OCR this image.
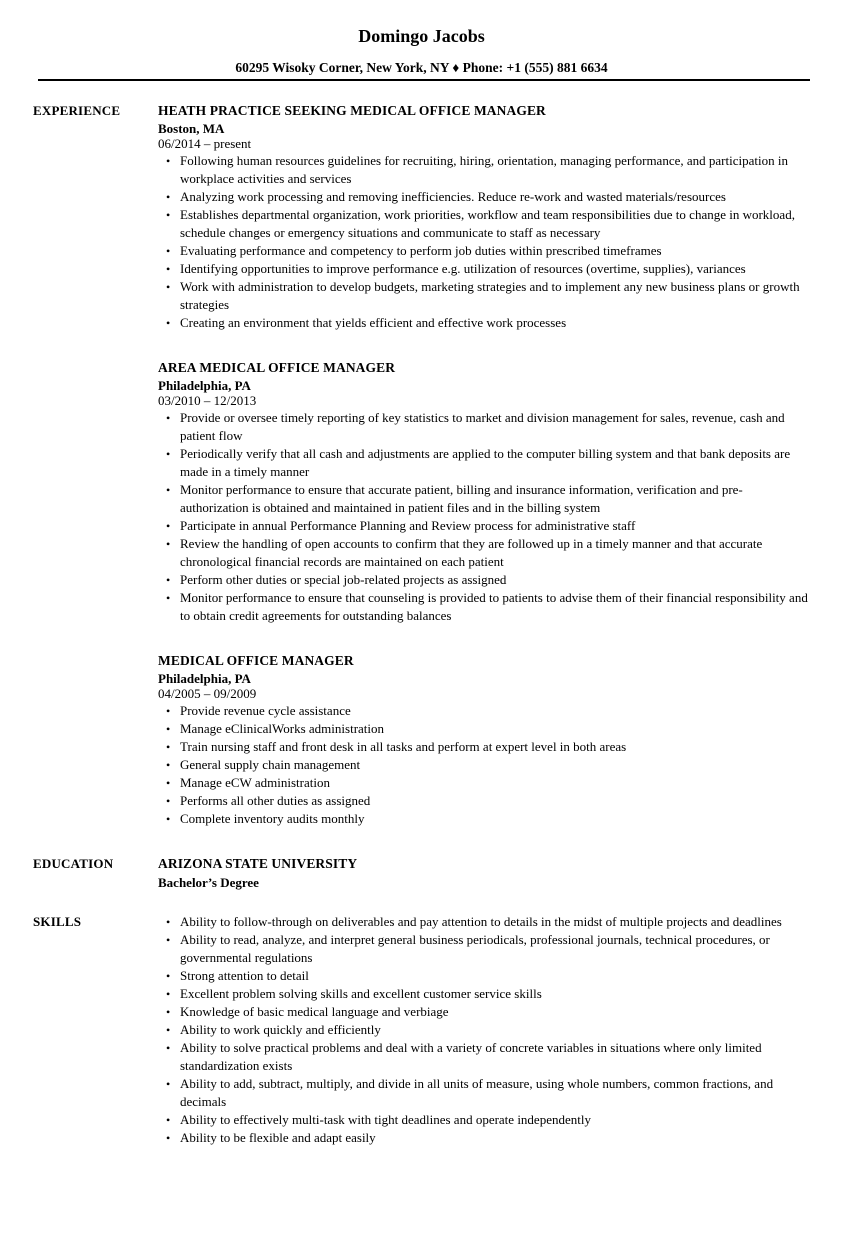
Domingo Jacobs
60295 Wisoky Corner, New York, NY ♦ Phone: +1 (555) 881 6634
EXPERIENCE	HEATH PRACTICE SEEKING MEDICAL OFFICE MANAGER
Boston, MA
06/2014 – present
• Following human resources guidelines for recruiting, hiring, orientation, managing performance, and participation in workplace activities and services
• Analyzing work processing and removing inefficiencies. Reduce re-work and wasted materials/resources
• Establishes departmental organization, work priorities, workflow and team responsibilities due to change in workload, schedule changes or emergency situations and communicate to staff as necessary
• Evaluating performance and competency to perform job duties within prescribed timeframes
• Identifying opportunities to improve performance e.g. utilization of resources (overtime, supplies), variances
• Work with administration to develop budgets, marketing strategies and to implement any new business plans or growth strategies
• Creating an environment that yields efficient and effective work processes
AREA MEDICAL OFFICE MANAGER
Philadelphia, PA
03/2010 – 12/2013
• Provide or oversee timely reporting of key statistics to market and division management for sales, revenue, cash and patient flow
• Periodically verify that all cash and adjustments are applied to the computer billing system and that bank deposits are made in a timely manner
• Monitor performance to ensure that accurate patient, billing and insurance information, verification and pre-authorization is obtained and maintained in patient files and in the billing system
• Participate in annual Performance Planning and Review process for administrative staff
• Review the handling of open accounts to confirm that they are followed up in a timely manner and that accurate chronological financial records are maintained on each patient
• Perform other duties or special job-related projects as assigned
• Monitor performance to ensure that counseling is provided to patients to advise them of their financial responsibility and to obtain credit agreements for outstanding balances
MEDICAL OFFICE MANAGER
Philadelphia, PA
04/2005 – 09/2009
• Provide revenue cycle assistance
• Manage eClinicalWorks administration
• Train nursing staff and front desk in all tasks and perform at expert level in both areas
• General supply chain management
• Manage eCW administration
• Performs all other duties as assigned
• Complete inventory audits monthly
EDUCATION	ARIZONA STATE UNIVERSITY
Bachelor’s Degree
SKILLS	• Ability to follow-through on deliverables and pay attention to details in the midst of multiple projects and deadlines
• Ability to read, analyze, and interpret general business periodicals, professional journals, technical procedures, or governmental regulations
• Strong attention to detail
• Excellent problem solving skills and excellent customer service skills
• Knowledge of basic medical language and verbiage
• Ability to work quickly and efficiently
• Ability to solve practical problems and deal with a variety of concrete variables in situations where only limited standardization exists
• Ability to add, subtract, multiply, and divide in all units of measure, using whole numbers, common fractions, and decimals
• Ability to effectively multi-task with tight deadlines and operate independently
• Ability to be flexible and adapt easily
